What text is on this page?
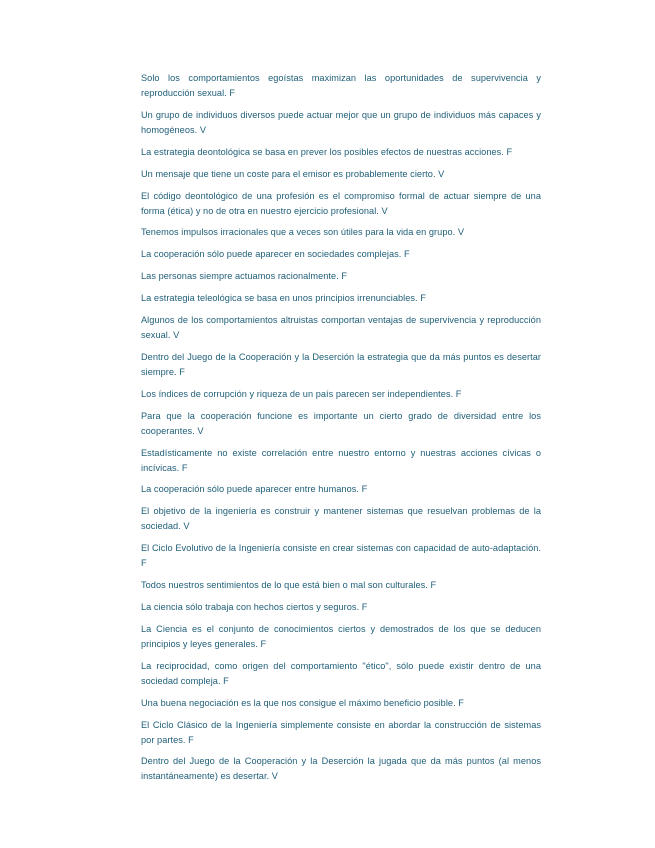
Solo los comportamientos egoístas maximizan las oportunidades de supervivencia y reproducción sexual. F

Un grupo de individuos diversos puede actuar mejor que un grupo de individuos más capaces y homogéneos. V

La estrategia deontológica se basa en prever los posibles efectos de nuestras acciones. F

Un mensaje que tiene un coste para el emisor es probablemente cierto. V

El código deontológico de una profesión es el compromiso formal de actuar siempre de una forma (ética) y no de otra en nuestro ejercicio profesional. V

Tenemos impulsos irracionales que a veces son útiles para la vida en grupo. V

La cooperación sólo puede aparecer en sociedades complejas. F

Las personas siempre actuamos racionalmente. F

La estrategia teleológica se basa en unos principios irrenunciables. F

Algunos de los comportamientos altruistas comportan ventajas de supervivencia y reproducción sexual. V

Dentro del Juego de la Cooperación y la Deserción la estrategia que da más puntos es desertar siempre. F

Los índices de corrupción y riqueza de un país parecen ser independientes. F

Para que la cooperación funcione es importante un cierto grado de diversidad entre los cooperantes. V

Estadísticamente no existe correlación entre nuestro entorno y nuestras acciones cívicas o incívicas. F

La cooperación sólo puede aparecer entre humanos. F

El objetivo de la ingeniería es construir y mantener sistemas que resuelvan problemas de la sociedad. V

El Ciclo Evolutivo de la Ingeniería consiste en crear sistemas con capacidad de auto-adaptación. F

Todos nuestros sentimientos de lo que está bien o mal son culturales. F

La ciencia sólo trabaja con hechos ciertos y seguros. F

La Ciencia es el conjunto de conocimientos ciertos y demostrados de los que se deducen principios y leyes generales. F

La reciprocidad, como origen del comportamiento "ético", sólo puede existir dentro de una sociedad compleja. F

Una buena negociación es la que nos consigue el máximo beneficio posible. F

El Ciclo Clásico de la Ingeniería simplemente consiste en abordar la construcción de sistemas por partes. F

Dentro del Juego de la Cooperación y la Deserción la jugada que da más puntos (al menos instantáneamente) es desertar. V
